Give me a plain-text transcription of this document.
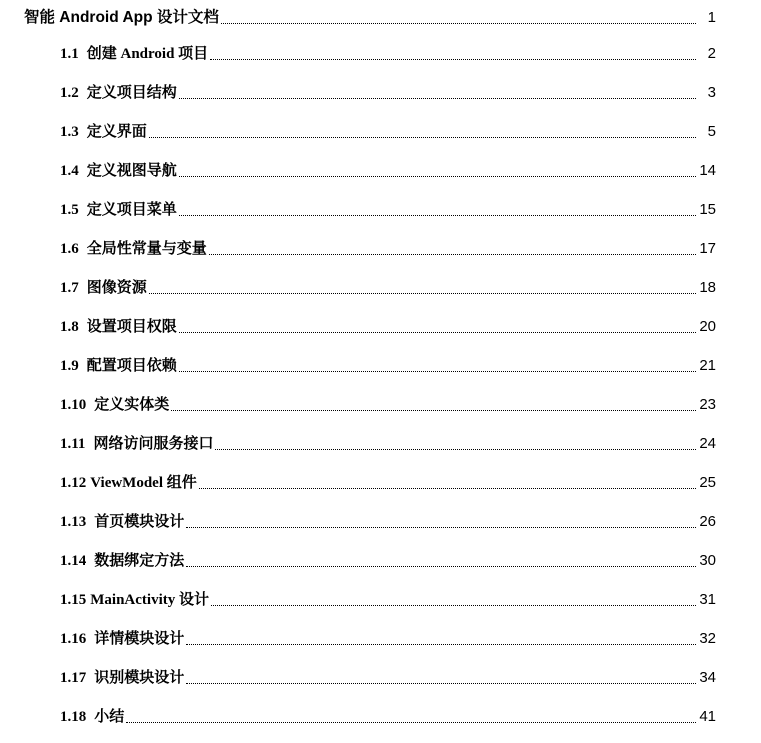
智能 Android App 设计文档	1
1.1 创建 Android 项目	2
1.2 定义项目结构	3
1.3 定义界面	5
1.4 定义视图导航	14
1.5 定义项目菜单	15
1.6 全局性常量与变量	17
1.7 图像资源	18
1.8 设置项目权限	20
1.9 配置项目依赖	21
1.10 定义实体类	23
1.11 网络访问服务接口	24
1.12 ViewModel 组件	25
1.13 首页模块设计	26
1.14 数据绑定方法	30
1.15 MainActivity 设计	31
1.16 详情模块设计	32
1.17 识别模块设计	34
1.18 小结	41
